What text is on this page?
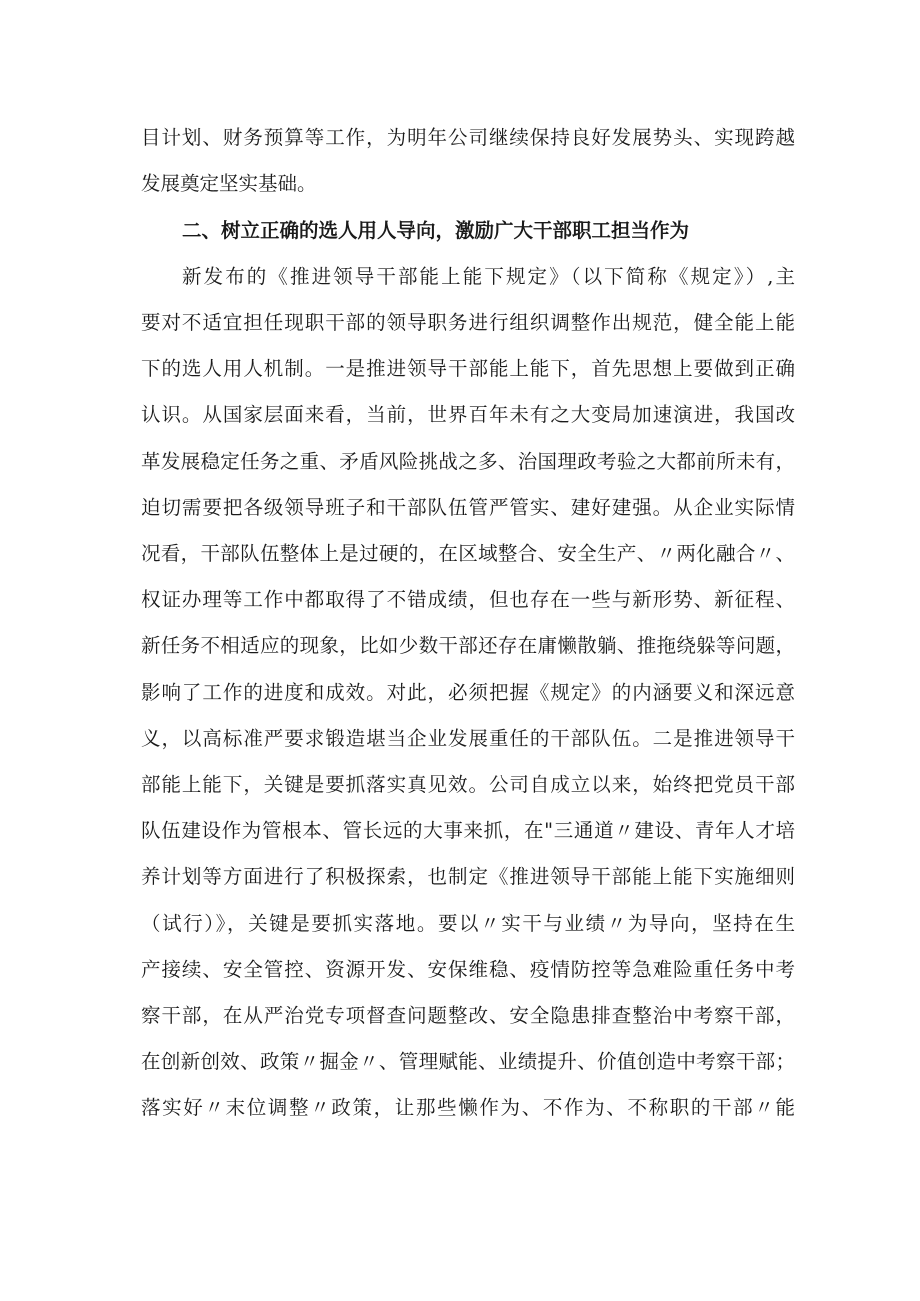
目计划、财务预算等工作，为明年公司继续保持良好发展势头、实现跨越
发展奠定坚实基础。
二、树立正确的选人用人导向，激励广大干部职工担当作为
新发布的《推进领导干部能上能下规定》（以下简称《规定》）,主
要对不适宜担任现职干部的领导职务进行组织调整作出规范，健全能上能
下的选人用人机制。一是推进领导干部能上能下，首先思想上要做到正确
认识。从国家层面来看，当前，世界百年未有之大变局加速演进，我国改
革发展稳定任务之重、矛盾风险挑战之多、治国理政考验之大都前所未有，
迫切需要把各级领导班子和干部队伍管严管实、建好建强。从企业实际情
况看，干部队伍整体上是过硬的，在区域整合、安全生产、〃两化融合〃、
权证办理等工作中都取得了不错成绩，但也存在一些与新形势、新征程、
新任务不相适应的现象，比如少数干部还存在庸懒散躺、推拖绕躲等问题，
影响了工作的进度和成效。对此，必须把握《规定》的内涵要义和深远意
义，以高标准严要求锻造堪当企业发展重任的干部队伍。二是推进领导干
部能上能下，关键是要抓落实真见效。公司自成立以来，始终把党员干部
队伍建设作为管根本、管长远的大事来抓，在"三通道〃建设、青年人才培
养计划等方面进行了积极探索，也制定《推进领导干部能上能下实施细则
（试行）》，关键是要抓实落地。要以〃实干与业绩〃为导向，坚持在生
产接续、安全管控、资源开发、安保维稳、疫情防控等急难险重任务中考
察干部，在从严治党专项督查问题整改、安全隐患排查整治中考察干部，
在创新创效、政策〃掘金〃、管理赋能、业绩提升、价值创造中考察干部；
落实好〃末位调整〃政策，让那些懒作为、不作为、不称职的干部〃能
